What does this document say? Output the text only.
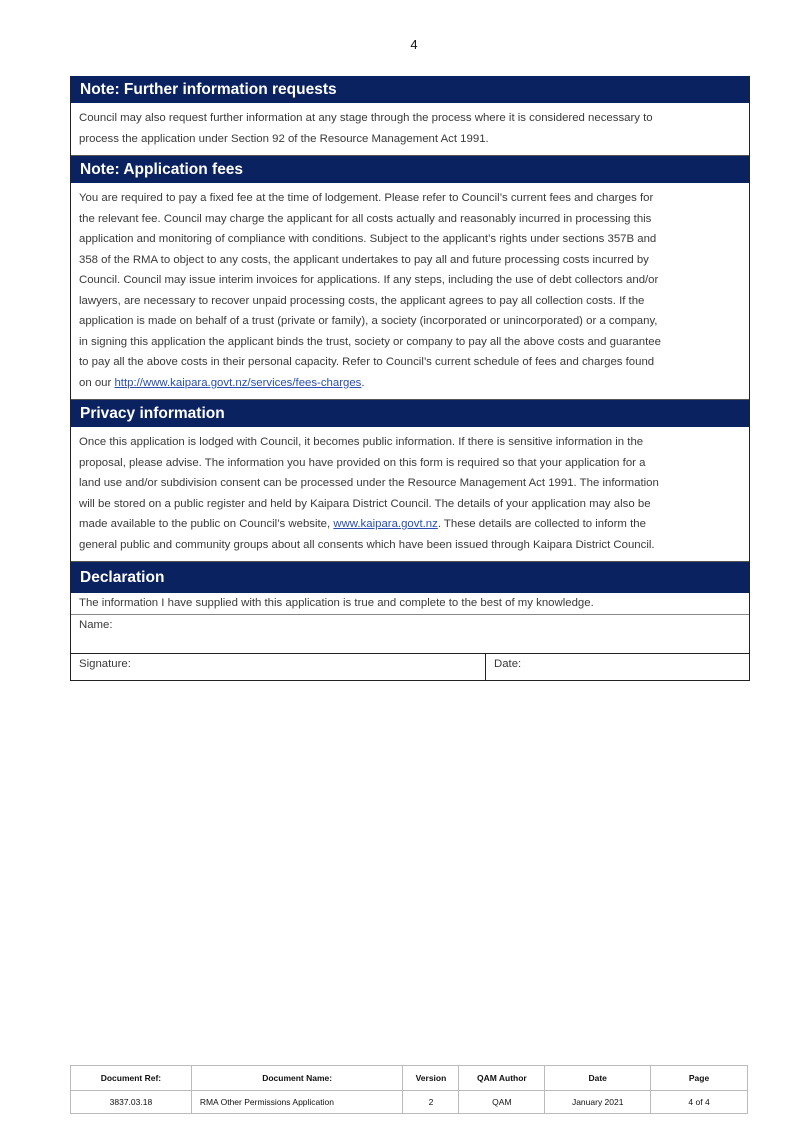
4
Note: Further information requests
Council may also request further information at any stage through the process where it is considered necessary to
process the application under Section 92 of the Resource Management Act 1991.
Note: Application fees
You are required to pay a fixed fee at the time of lodgement. Please refer to Council’s current fees and charges for
the relevant fee. Council may charge the applicant for all costs actually and reasonably incurred in processing this
application and monitoring of compliance with conditions. Subject to the applicant’s rights under sections 357B and
358 of the RMA to object to any costs, the applicant undertakes to pay all and future processing costs incurred by
Council. Council may issue interim invoices for applications. If any steps, including the use of debt collectors and/or
lawyers, are necessary to recover unpaid processing costs, the applicant agrees to pay all collection costs. If the
application is made on behalf of a trust (private or family), a society (incorporated or unincorporated) or a company,
in signing this application the applicant binds the trust, society or company to pay all the above costs and guarantee
to pay all the above costs in their personal capacity. Refer to Council’s current schedule of fees and charges found
on our http://www.kaipara.govt.nz/services/fees-charges.
Privacy information
Once this application is lodged with Council, it becomes public information. If there is sensitive information in the
proposal, please advise. The information you have provided on this form is required so that your application for a
land use and/or subdivision consent can be processed under the Resource Management Act 1991. The information
will be stored on a public register and held by Kaipara District Council. The details of your application may also be
made available to the public on Council’s website, www.kaipara.govt.nz. These details are collected to inform the
general public and community groups about all consents which have been issued through Kaipara District Council.
Declaration
The information I have supplied with this application is true and complete to the best of my knowledge.
Name:
Signature:	Date:
Document Ref:	Document Name:	Version	QAM Author	Date	Page
3837.03.18	RMA Other Permissions Application	2	QAM	January 2021	4 of 4
